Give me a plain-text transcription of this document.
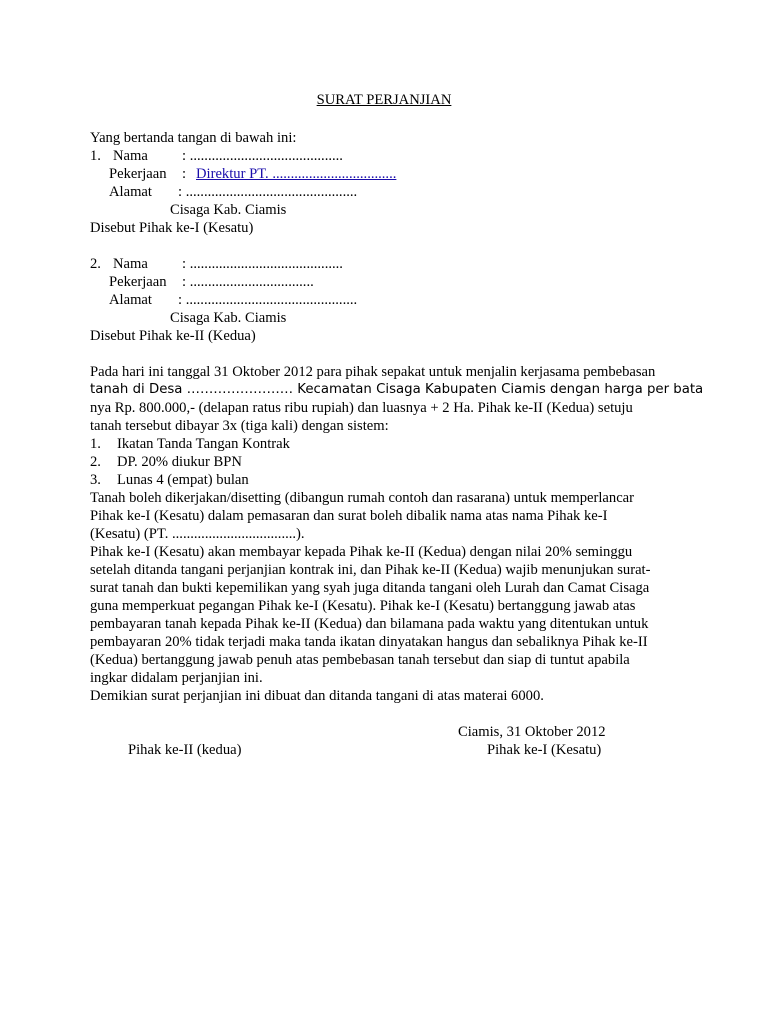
SURAT PERJANJIAN
Yang bertanda tangan di bawah ini:
1. Nama : ..........................................
Pekerjaan : Direktur PT. ..................................
Alamat : ...............................................
Cisaga Kab. Ciamis
Disebut Pihak ke-I (Kesatu)
2. Nama : ..........................................
Pekerjaan : ..................................
Alamat : ...............................................
Cisaga Kab. Ciamis
Disebut Pihak ke-II (Kedua)
Pada hari ini tanggal 31 Oktober 2012 para pihak sepakat untuk menjalin kerjasama pembebasan
tanah di Desa …………………… Kecamatan Cisaga Kabupaten Ciamis dengan harga per bata
nya Rp. 800.000,- (delapan ratus ribu rupiah) dan luasnya + 2 Ha. Pihak ke-II (Kedua) setuju
tanah tersebut dibayar 3x (tiga kali) dengan sistem:
1. Ikatan Tanda Tangan Kontrak
2. DP. 20% diukur BPN
3. Lunas 4 (empat) bulan
Tanah boleh dikerjakan/disetting (dibangun rumah contoh dan rasarana) untuk memperlancar
Pihak ke-I (Kesatu) dalam pemasaran dan surat boleh dibalik nama atas nama Pihak ke-I
(Kesatu) (PT. ..................................).
Pihak ke-I (Kesatu) akan membayar kepada Pihak ke-II (Kedua) dengan nilai 20% seminggu
setelah ditanda tangani perjanjian kontrak ini, dan Pihak ke-II (Kedua) wajib menunjukan surat-
surat tanah dan bukti kepemilikan yang syah juga ditanda tangani oleh Lurah dan Camat Cisaga
guna memperkuat pegangan Pihak ke-I (Kesatu). Pihak ke-I (Kesatu) bertanggung jawab atas
pembayaran tanah kepada Pihak ke-II (Kedua) dan bilamana pada waktu yang ditentukan untuk
pembayaran 20% tidak terjadi maka tanda ikatan dinyatakan hangus dan sebaliknya Pihak ke-II
(Kedua) bertanggung jawab penuh atas pembebasan tanah tersebut dan siap di tuntut apabila
ingkar didalam perjanjian ini.
Demikian surat perjanjian ini dibuat dan ditanda tangani di atas materai 6000.
Ciamis, 31 Oktober 2012
Pihak ke-II (kedua)	Pihak ke-I (Kesatu)
